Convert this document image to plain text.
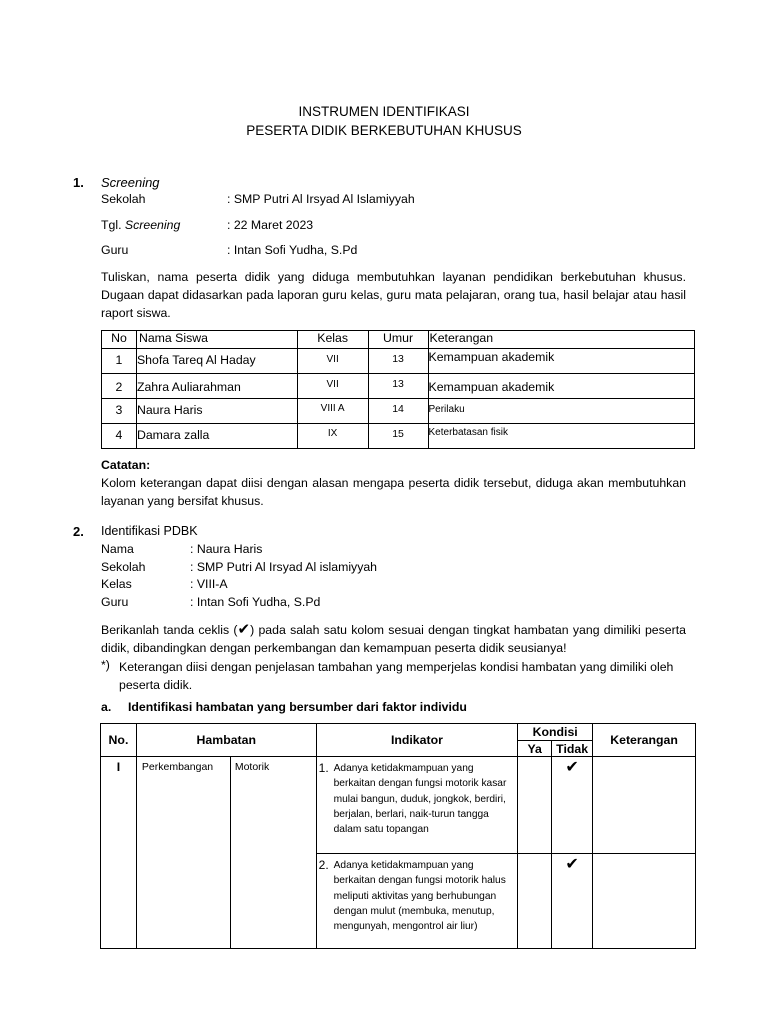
INSTRUMEN IDENTIFIKASI
PESERTA DIDIK BERKEBUTUHAN KHUSUS
1. Screening
Sekolah	: SMP Putri Al Irsyad Al Islamiyyah
Tgl. Screening	: 22 Maret 2023
Guru	: Intan Sofi Yudha, S.Pd
Tuliskan, nama peserta didik yang diduga membutuhkan layanan pendidikan berkebutuhan khusus. Dugaan dapat didasarkan pada laporan guru kelas, guru mata pelajaran, orang tua, hasil belajar atau hasil raport siswa.
No	Nama Siswa	Kelas	Umur	Keterangan
1	Shofa Tareq Al Haday	VII	13	Kemampuan akademik
2	Zahra Auliarahman	VII	13	Kemampuan akademik
3	Naura Haris	VIII A	14	Perilaku
4	Damara zalla	IX	15	Keterbatasan fisik
Catatan:
Kolom keterangan dapat diisi dengan alasan mengapa peserta didik tersebut, diduga akan membutuhkan layanan yang bersifat khusus.
2. Identifikasi PDBK
Nama	: Naura Haris
Sekolah	: SMP Putri Al Irsyad Al islamiyyah
Kelas	: VIII-A
Guru	: Intan Sofi Yudha, S.Pd
Berikanlah tanda ceklis (✔) pada salah satu kolom sesuai dengan tingkat hambatan yang dimiliki peserta didik, dibandingkan dengan perkembangan dan kemampuan peserta didik seusianya!
*) Keterangan diisi dengan penjelasan tambahan yang memperjelas kondisi hambatan yang dimiliki oleh peserta didik.
a. Identifikasi hambatan yang bersumber dari faktor individu
No.	Hambatan		Indikator	Kondisi		Keterangan
				Ya	Tidak	
I	Perkembangan	Motorik	1. Adanya ketidakmampuan yang berkaitan dengan fungsi motorik kasar mulai bangun, duduk, jongkok, berdiri, berjalan, berlari, naik-turun tangga dalam satu topangan		✔	

			2. Adanya ketidakmampuan yang berkaitan dengan fungsi motorik halus meliputi aktivitas yang berhubungan dengan mulut (membuka, menutup, mengunyah, mengontrol air liur)		✔	
